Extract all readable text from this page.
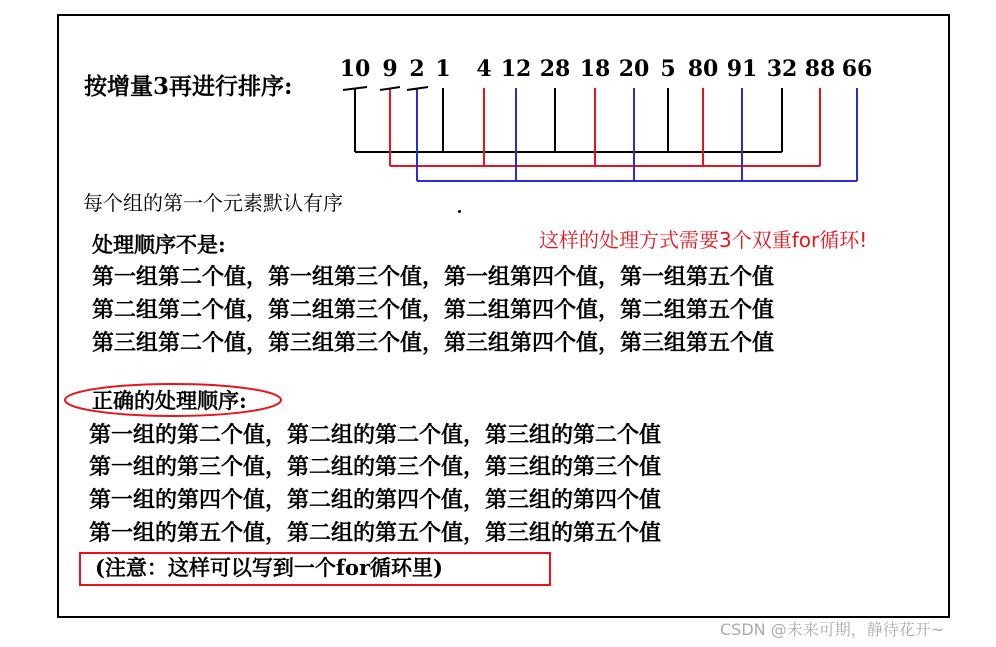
按增量3再进行排序:
10 9 2 1 4 12 28 18 20 5 80 91 32 88 66
每个组的第一个元素默认有序
处理顺序不是:	这样的处理方式需要3个双重for循环!
第一组第二个值，第一组第三个值，第一组第四个值，第一组第五个值
第二组第二个值，第二组第三个值，第二组第四个值，第二组第五个值
第三组第二个值，第三组第三个值，第三组第四个值，第三组第五个值
正确的处理顺序:
第一组的第二个值，第二组的第二个值，第三组的第二个值
第一组的第三个值，第二组的第三个值，第三组的第三个值
第一组的第四个值，第二组的第四个值，第三组的第四个值
第一组的第五个值，第二组的第五个值，第三组的第五个值
(注意：这样可以写到一个for循环里)
CSDN @未来可期，静待花开~
